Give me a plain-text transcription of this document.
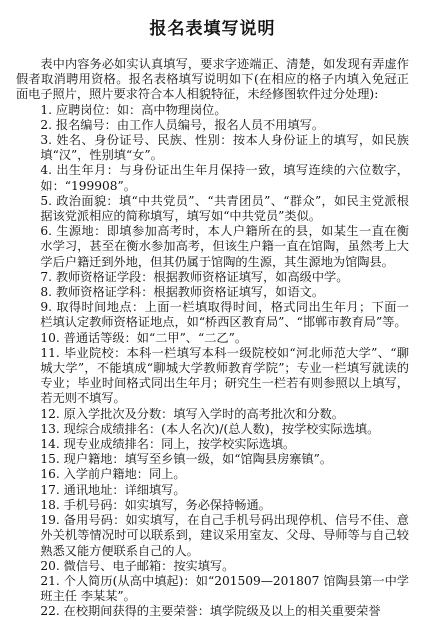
报名表填写说明

表中内容务必如实认真填写，要求字迹端正、清楚，如发现有弄虚作假者取消聘用资格。报名表格填写说明如下(在相应的格子内填入免冠正面电子照片，照片要求符合本人相貌特征，未经修图软件过分处理):

1. 应聘岗位：如：高中物理岗位。

2. 报名编号：由工作人员编号，报名人员不用填写。

3. 姓名、身份证号、民族、性别：按本人身份证上的填写，如民族填“汉”，性别填“女”。

4. 出生年月：与身份证出生年月保持一致，填写连续的六位数字，如：“199908”。

5. 政治面貌：填“中共党员”、“共青团员”、“群众”，如民主党派根据该党派相应的简称填写，填写如“中共党员”类似。

6. 生源地：即填参加高考时，本人户籍所在的县，如某生一直在衡水学习，甚至在衡水参加高考，但该生户籍一直在馆陶，虽然考上大学后户籍迁到外地，但其仍属于馆陶的生源，其生源地为馆陶县。

7. 教师资格证学段：根据教师资格证填写，如高级中学。

8. 教师资格证学科：根据教师资格证填写，如语文。

9. 取得时间地点：上面一栏填取得时间，格式同出生年月；下面一栏填认定教师资格证地点，如“桥西区教育局”、“邯郸市教育局”等。

10. 普通话等级：如“二甲”、“二乙”。

11. 毕业院校：本科一栏填写本科一级院校如“河北师范大学”、“聊城大学”，不能填成“聊城大学教师教育学院”；专业一栏填写就读的专业；毕业时间格式同出生年月；研究生一栏若有则参照以上填写，若无则不填写。

12. 原入学批次及分数：填写入学时的高考批次和分数。

13. 现综合成绩排名：(本人名次)/(总人数)，按学校实际选填。

14. 现专业成绩排名：同上，按学校实际选填。

15. 现户籍地：填写至乡镇一级，如“馆陶县房寨镇”。

16. 入学前户籍地：同上。

17. 通讯地址：详细填写。

18. 手机号码：如实填写，务必保持畅通。

19. 备用号码：如实填写，在自己手机号码出现停机、信号不佳、意外关机等情况时可以联系到，建议采用室友、父母、导师等与自己较熟悉又能方便联系自己的人。

20. 微信号、电子邮箱：按实填写。

21. 个人简历(从高中填起)：如“201509—201807 馆陶县第一中学 班主任 李某某”。

22. 在校期间获得的主要荣誉：填学院级及以上的相关重要荣誉
